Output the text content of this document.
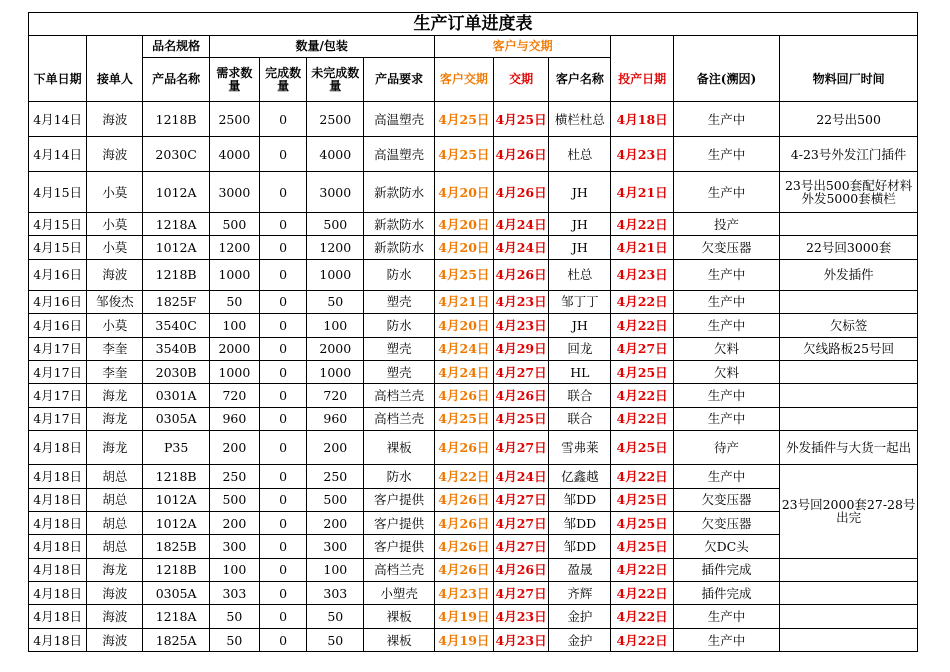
生产订单进度表												
		品名规格	数量/包装				客户与交期					
下单日期	接单人	产品名称	需求数量	完成数量	未完成数量	产品要求	客户交期	交期	客户名称	投产日期	备注(溯因)	物料回厂时间
4月14日	海波	1218B	2500	0	2500	高温塑壳	4月25日	4月25日	横栏杜总	4月18日	生产中	22号出500
4月14日	海波	2030C	4000	0	4000	高温塑壳	4月25日	4月26日	杜总	4月23日	生产中	4-23号外发江门插件
4月15日	小莫	1012A	3000	0	3000	新款防水	4月20日	4月26日	JH	4月21日	生产中	23号出500套配好材料外发5000套横栏
4月15日	小莫	1218A	500	0	500	新款防水	4月20日	4月24日	JH	4月22日	投产	
4月15日	小莫	1012A	1200	0	1200	新款防水	4月20日	4月24日	JH	4月21日	欠变压器	22号回3000套
4月16日	海波	1218B	1000	0	1000	防水	4月25日	4月26日	杜总	4月23日	生产中	外发插件
4月16日	邹俊杰	1825F	50	0	50	塑壳	4月21日	4月23日	邹丁丁	4月22日	生产中	
4月16日	小莫	3540C	100	0	100	防水	4月20日	4月23日	JH	4月22日	生产中	欠标签
4月17日	李奎	3540B	2000	0	2000	塑壳	4月24日	4月29日	回龙	4月27日	欠料	欠线路板25号回
4月17日	李奎	2030B	1000	0	1000	塑壳	4月24日	4月27日	HL	4月25日	欠料	
4月17日	海龙	0301A	720	0	720	高档兰壳	4月26日	4月26日	联合	4月22日	生产中	
4月17日	海龙	0305A	960	0	960	高档兰壳	4月25日	4月25日	联合	4月22日	生产中	
4月18日	海龙	P35	200	0	200	裸板	4月26日	4月27日	雪弗莱	4月25日	待产	外发插件与大货一起出
4月18日	胡总	1218B	250	0	250	防水	4月22日	4月24日	亿鑫越	4月22日	生产中	23号回2000套27-28号出完
4月18日	胡总	1012A	500	0	500	客户提供	4月26日	4月27日	邹DD	4月25日	欠变压器	
4月18日	胡总	1012A	200	0	200	客户提供	4月26日	4月27日	邹DD	4月25日	欠变压器	
4月18日	胡总	1825B	300	0	300	客户提供	4月26日	4月27日	邹DD	4月25日	欠DC头	
4月18日	海龙	1218B	100	0	100	高档兰壳	4月26日	4月26日	盈晟	4月22日	插件完成	
4月18日	海波	0305A	303	0	303	小塑壳	4月23日	4月27日	齐辉	4月22日	插件完成	
4月18日	海波	1218A	50	0	50	裸板	4月19日	4月23日	金护	4月22日	生产中	
4月18日	海波	1825A	50	0	50	裸板	4月19日	4月23日	金护	4月22日	生产中	
